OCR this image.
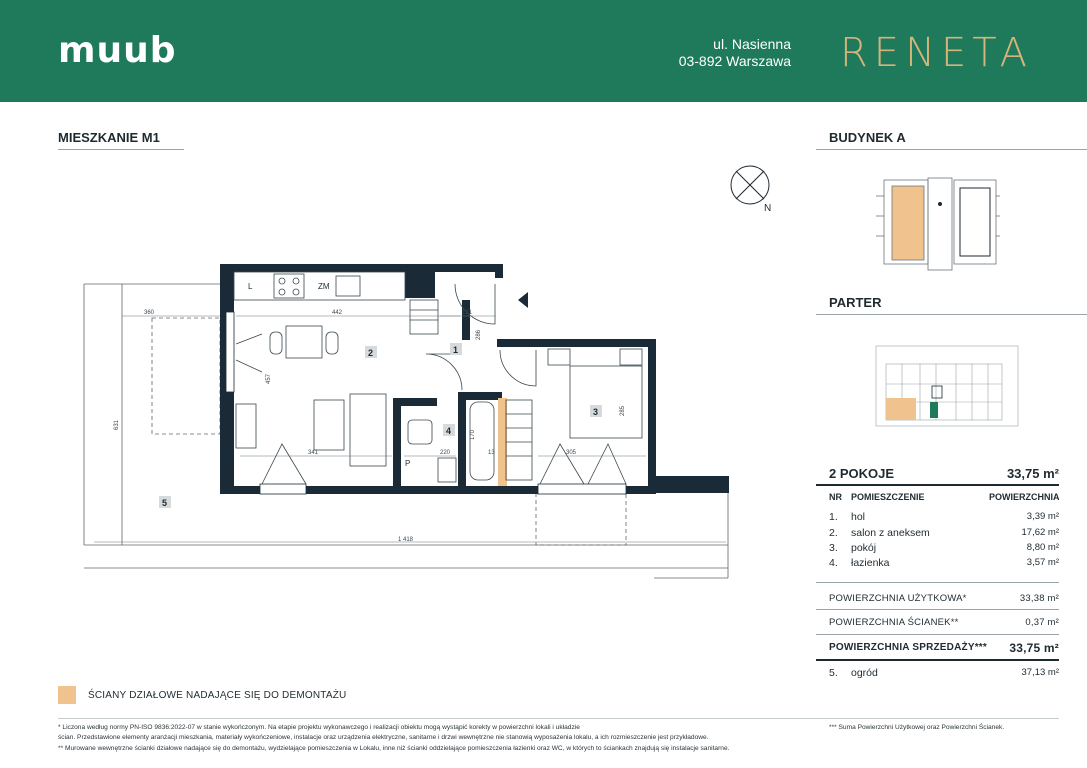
muub	ul. Nasienna
03-892 Warszawa RENETA
MIESZKANIE M1	BUDYNEK A
PARTER
N
360	442	121
286
457
341
170
220	13	305
285
631
1 418
L	ZM
P
2	1
3
4
5
2 POKOJE	33,75 m²
NR POMIESZCZENIE	POWIERZCHNIA
1. hol	3,39 m²
2. salon z aneksem	17,62 m²
3. pokój	8,80 m²
4. łazienka	3,57 m²
POWIERZCHNIA UŻYTKOWA*	33,38 m²
POWIERZCHNIA ŚCIANEK**	0,37 m²
POWIERZCHNIA SPRZEDAŻY*** 33,75 m²
5. ogród	37,13 m²
ŚCIANY DZIAŁOWE NADAJĄCE SIĘ DO DEMONTAŻU
* Liczona według normy PN-ISO 9836:2022-07 w stanie wykończonym. Na etapie projektu wykonawczego i realizacji obiektu mogą wystąpić korekty w powierzchni lokali i układzie
ścian. Przedstawione elementy aranżacji mieszkania, materiały wykończeniowe, instalacje oraz urządzenia elektryczne, sanitarne i drzwi wewnętrzne nie stanowią wyposażenia lokalu, a ich rozmieszczenie jest przykładowe.
** Murowane wewnętrzne ścianki działowe nadające się do demontażu, wydzielające pomieszczenia w Lokalu, inne niż ścianki oddzielające pomieszczenia łazienki oraz WC, w których to ściankach znajdują się instalacje sanitarne.
*** Suma Powierzchni Użytkowej oraz Powierzchni Ścianek.
